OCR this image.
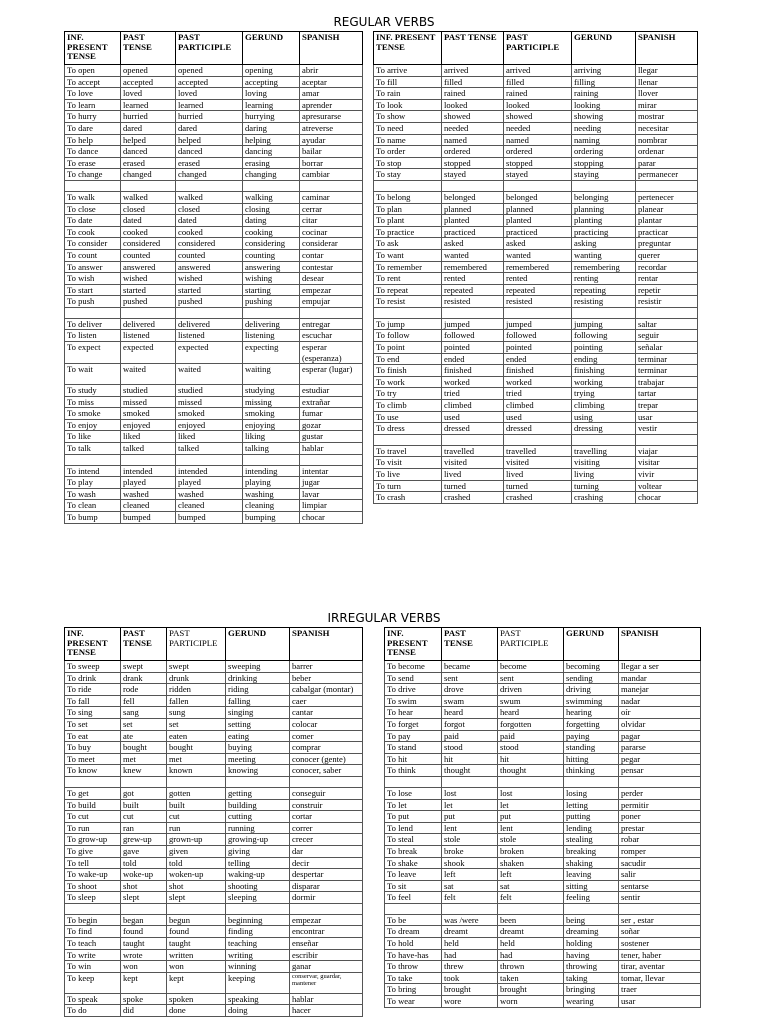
REGULAR VERBS
INF. PRESENT TENSE	PAST TENSE	PAST PARTICIPLE	GERUND	SPANISH
To open	opened	opened	opening	abrir
To accept	accepted	accepted	accepting	aceptar
To love	loved	loved	loving	amar
To learn	learned	learned	learning	aprender
To hurry	hurried	hurried	hurrying	apresurarse
To dare	dared	dared	daring	atreverse
To help	helped	helped	helping	ayudar
To dance	danced	danced	dancing	bailar
To erase	erased	erased	erasing	borrar
To change	changed	changed	changing	cambiar

To walk	walked	walked	walking	caminar
To close	closed	closed	closing	cerrar
To date	dated	dated	dating	citar
To cook	cooked	cooked	cooking	cocinar
To consider	considered	considered	considering	considerar
To count	counted	counted	counting	contar
To answer	answered	answered	answering	contestar
To wish	wished	wished	wishing	desear
To start	started	started	starting	empezar
To push	pushed	pushed	pushing	empujar

To deliver	delivered	delivered	delivering	entregar
To listen	listened	listened	listening	escuchar
To expect	expected	expected	expecting	esperar (esperanza)
To wait	waited	waited	waiting	esperar (lugar)
To study	studied	studied	studying	estudiar
To miss	missed	missed	missing	extrañar
To smoke	smoked	smoked	smoking	fumar
To enjoy	enjoyed	enjoyed	enjoying	gozar
To like	liked	liked	liking	gustar
To talk	talked	talked	talking	hablar

To intend	intended	intended	intending	intentar
To play	played	played	playing	jugar
To wash	washed	washed	washing	lavar
To clean	cleaned	cleaned	cleaning	limpiar
To bump	bumped	bumped	bumping	chocar
INF. PRESENT TENSE	PAST TENSE	PAST PARTICIPLE	GERUND	SPANISH
To arrive	arrived	arrived	arriving	llegar
To fill	filled	filled	filling	llenar
To rain	rained	rained	raining	llover
To look	looked	looked	looking	mirar
To show	showed	showed	showing	mostrar
To need	needed	needed	needing	necesitar
To name	named	named	naming	nombrar
To order	ordered	ordered	ordering	ordenar
To stop	stopped	stopped	stopping	parar
To stay	stayed	stayed	staying	permanecer

To belong	belonged	belonged	belonging	pertenecer
To plan	planned	planned	planning	planear
To plant	planted	planted	planting	plantar
To practice	practiced	practiced	practicing	practicar
To ask	asked	asked	asking	preguntar
To want	wanted	wanted	wanting	querer
To remember	remembered	remembered	remembering	recordar
To rent	rented	rented	renting	rentar
To repeat	repeated	repeated	repeating	repetir
To resist	resisted	resisted	resisting	resistir

To jump	jumped	jumped	jumping	saltar
To follow	followed	followed	following	seguir
To point	pointed	pointed	pointing	señalar
To end	ended	ended	ending	terminar
To finish	finished	finished	finishing	terminar
To work	worked	worked	working	trabajar
To try	tried	tried	trying	tartar
To climb	climbed	climbed	climbing	trepar
To use	used	used	using	usar
To dress	dressed	dressed	dressing	vestir

To travel	travelled	travelled	travelling	viajar
To visit	visited	visited	visiting	visitar
To live	lived	lived	living	vivir
To turn	turned	turned	turning	voltear
To crash	crashed	crashed	crashing	chocar
IRREGULAR VERBS
INF. PRESENT TENSE	PAST TENSE	PAST PARTICIPLE	GERUND	SPANISH
To sweep	swept	swept	sweeping	barrer
To drink	drank	drunk	drinking	beber
To ride	rode	ridden	riding	cabalgar (montar)
To fall	fell	fallen	falling	caer
To sing	sang	sung	singing	cantar
To set	set	set	setting	colocar
To eat	ate	eaten	eating	comer
To buy	bought	bought	buying	comprar
To meet	met	met	meeting	conocer (gente)
To know	knew	known	knowing	conocer, saber

To get	got	gotten	getting	conseguir
To build	built	built	building	construir
To cut	cut	cut	cutting	cortar
To run	ran	run	running	correr
To grow-up	grew-up	grown-up	growing-up	crecer
To give	gave	given	giving	dar
To tell	told	told	telling	decir
To wake-up	woke-up	woken-up	waking-up	despertar
To shoot	shot	shot	shooting	disparar
To sleep	slept	slept	sleeping	dormir

To begin	began	begun	beginning	empezar
To find	found	found	finding	encontrar
To teach	taught	taught	teaching	enseñar
To write	wrote	written	writing	escribir
To win	won	won	winning	ganar
To keep	kept	kept	keeping	conservar, guardar, mantener
To speak	spoke	spoken	speaking	hablar
To do	did	done	doing	hacer
INF. PRESENT TENSE	PAST TENSE	PAST PARTICIPLE	GERUND	SPANISH
To become	became	become	becoming	llegar a ser
To send	sent	sent	sending	mandar
To drive	drove	driven	driving	manejar
To swim	swam	swum	swimming	nadar
To hear	heard	heard	hearing	oír
To forget	forgot	forgotten	forgetting	olvidar
To pay	paid	paid	paying	pagar
To stand	stood	stood	standing	pararse
To hit	hit	hit	hitting	pegar
To think	thought	thought	thinking	pensar

To lose	lost	lost	losing	perder
To let	let	let	letting	permitir
To put	put	put	putting	poner
To lend	lent	lent	lending	prestar
To steal	stole	stole	stealing	robar
To break	broke	broken	breaking	romper
To shake	shook	shaken	shaking	sacudir
To leave	left	left	leaving	salir
To sit	sat	sat	sitting	sentarse
To feel	felt	felt	feeling	sentir

To be	was /were	been	being	ser , estar
To dream	dreamt	dreamt	dreaming	soñar
To hold	held	held	holding	sostener
To have-has	had	had	having	tener, haber
To throw	threw	thrown	throwing	tirar, aventar
To take	took	taken	taking	tomar, llevar
To bring	brought	brought	bringing	traer
To wear	wore	worn	wearing	usar
